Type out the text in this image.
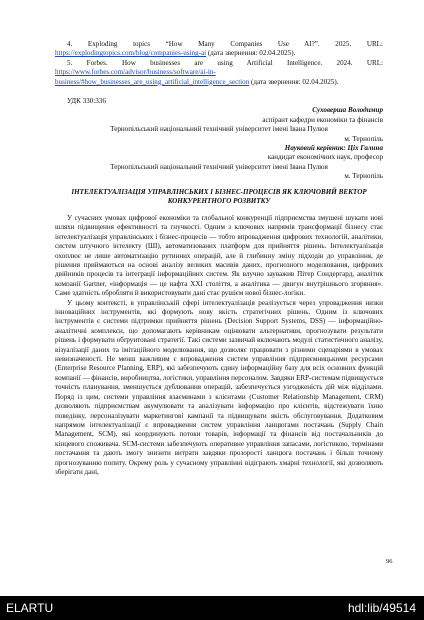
4. Exploding topics “How Many Companies Use AI?”. 2025. URL: https://explodingtopics.com/blog/companies-using-ai (дата звернення: 02.04.2025).

5. Forbes. How businesses are using Artificial Intelligence. 2024. URL: https://www.forbes.com/advisor/business/software/ai-in-business/#how_businesses_are_using_artificial_intelligence_section (дата звернення: 02.04.2025).

УДК 330:336

Суховерша Володимир

аспірант кафедри економіки та фінансів

Тернопільський національний технічний університет імені Івана Пулюя

м. Тернопіль

Науковий керівник: Ціх Галина

кандидат економічних наук, професор

Тернопільський національний технічний університет імені Івана Пулюя

м. Тернопіль

ІНТЕЛЕКТУАЛІЗАЦІЯ УПРАВЛІНСЬКИХ І БІЗНЕС-ПРОЦЕСІВ ЯК КЛЮЧОВИЙ ВЕКТОР КОНКУРЕНТНОГО РОЗВИТКУ

У сучасних умовах цифрової економіки та глобальної конкуренції підприємства змушені шукати нові шляхи підвищення ефективності та гнучкості. Одним з ключових напрямів трансформації бізнесу стає інтелектуалізація управлінських і бізнес-процесів — тобто впровадження цифрових технологій, аналітики, систем штучного інтелекту (ШІ), автоматизованих платформ для прийняття рішень. Інтелектуалізація охоплює не лише автоматизацію рутинних операцій, але й глибинну зміну підходів до управління, де рішення приймаються на основі аналізу великих масивів даних, прогнозного моделювання, цифрових двійників процесів та інтеграції інформаційних систем. Як влучно зауважив Пітер Сондергард, аналітик компанії Gartner, «інформація — це нафта XXI століття, а аналітика — двигун внутрішнього згоряння». Саме здатність обробляти й використовувати дані стає рушієм нової бізнес-логіки.

У цьому контексті, в управлінській сфері інтелектуалізація реалізується через упровадження низки інноваційних інструментів, які формують нову якість стратегічних рішень. Одним із ключових інструментів є системи підтримки прийняття рішень (Decision Support Systems, DSS) — інформаційно-аналітичні комплекси, що допомагають керівникам оцінювати альтернативи, прогнозувати результати рішень і формувати обґрунтовані стратегії. Такі системи зазвичай включають модулі статистичного аналізу, візуалізації даних та імітаційного моделювання, що дозволяє працювати з різними сценаріями в умовах невизначеності. Не менш важливим є впровадження систем управління підприємницькими ресурсами (Enterprise Resource Planning, ERP), які забезпечують єдину інформаційну базу для всіх основних функцій компанії — фінансів, виробництва, логістики, управління персоналом. Завдяки ERP-системам підвищується точність планування, зменшується дублювання операцій, забезпечується узгодженість дій між відділами. Поряд із цим, системи управління взаєминами з клієнтами (Customer Relationship Management, CRM) дозволяють підприємствам акумулювати та аналізувати інформацію про клієнтів, відстежувати їхню поведінку, персоналізувати маркетингові кампанії та підвищувати якість обслуговування. Додатковим напрямом інтелектуалізації є впровадження систем управління ланцюгами постачань (Supply Chain Management, SCM), які координують потоки товарів, інформації та фінансів від постачальників до кінцевого споживача. SCM-системи забезпечують оперативне управління запасами, логістикою, термінами постачання та дають змогу знизити витрати завдяки прозорості ланцюга постачань і більш точному прогнозуванню попиту. Окрему роль у сучасному управлінні відіграють хмарні технології, які дозволяють зберігати дані,

96
ELARTU	hdl:lib/49514
